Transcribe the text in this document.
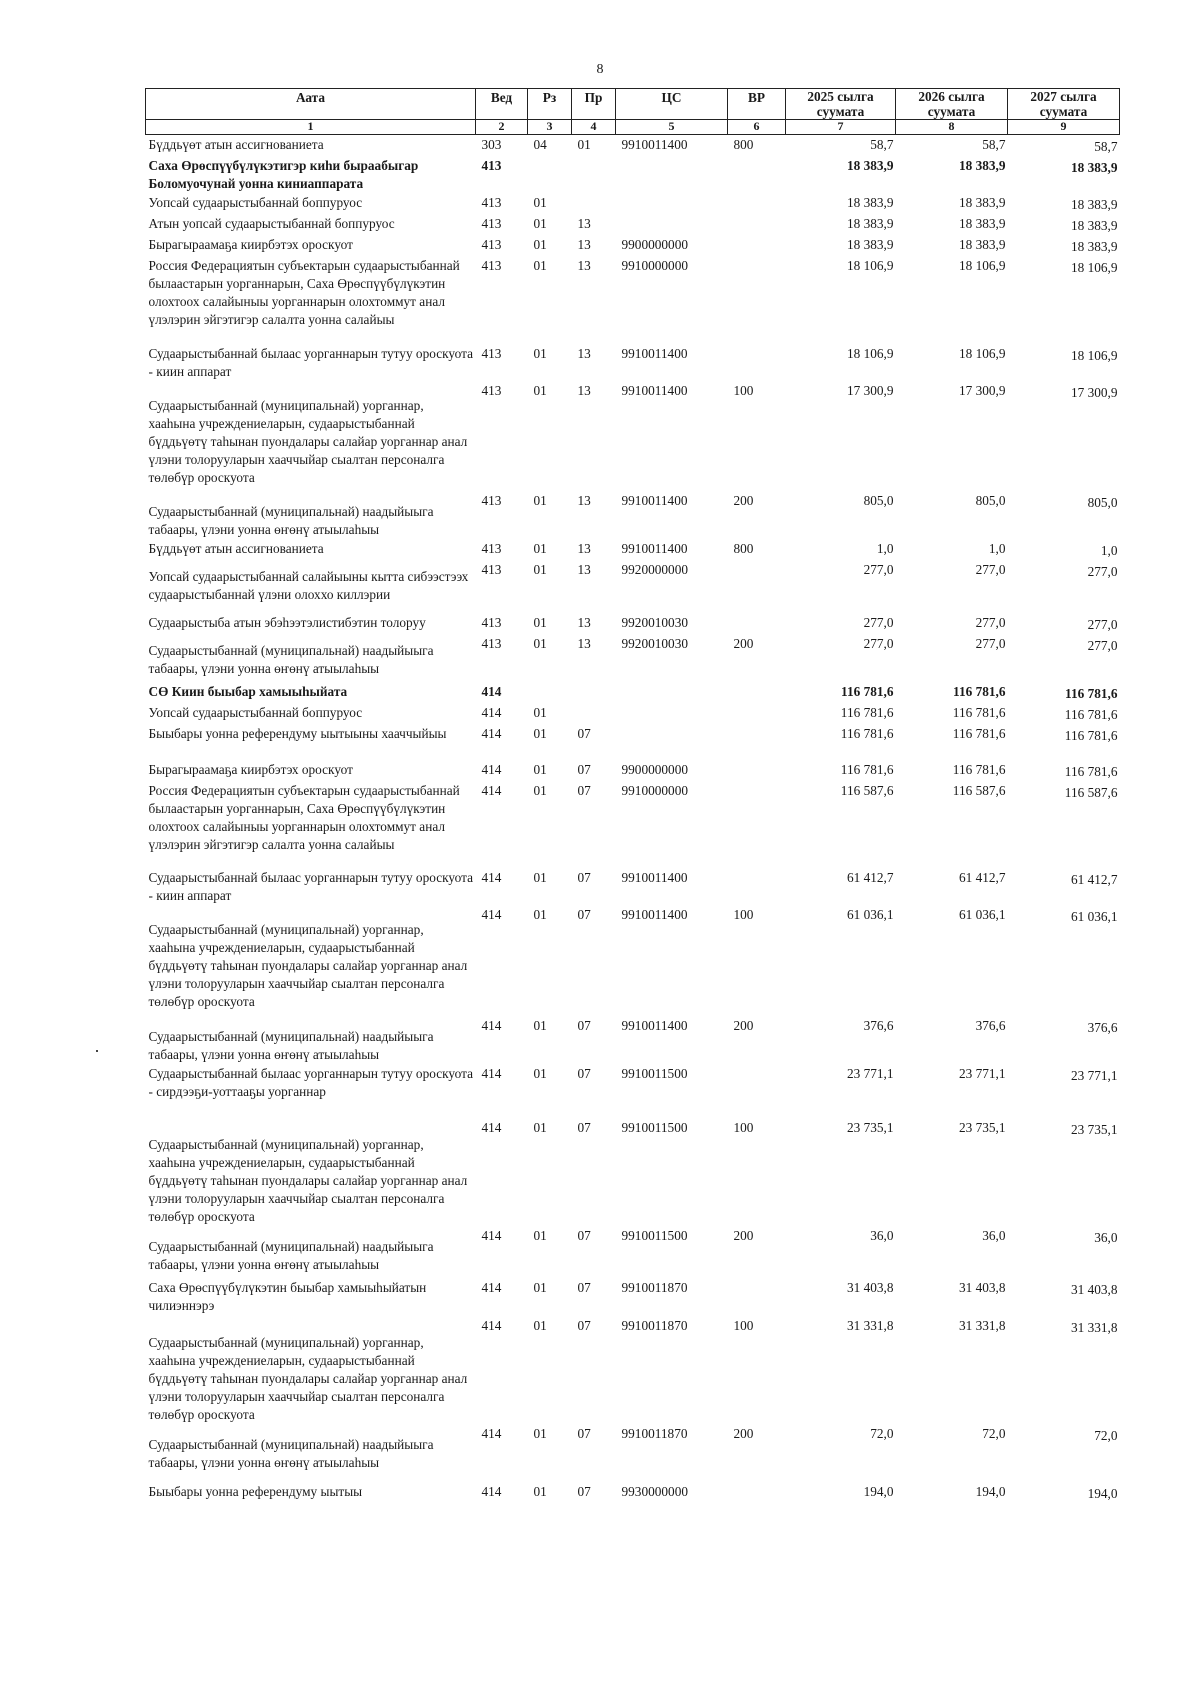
8
Аата	Вед	Рз	Пр	ЦС	ВР	2025 сылга суумата	2026 сылга суумата	2027 сылга суумата
1	2	3	4	5	6	7	8	9
Бүддьүөт атын ассигнованиета	303	04	01	9910011400	800	58,7	58,7	58,7
Саха Өрөспүүбүлүкэтигэр киһи быраабыгар Боломуочунай уонна киниаппарата	413					18 383,9	18 383,9	18 383,9
Уопсай судаарыстыбаннай боппуруос	413	01				18 383,9	18 383,9	18 383,9
Атын уопсай судаарыстыбаннай боппуруос	413	01	13			18 383,9	18 383,9	18 383,9
Бырагыраамаҕа киирбэтэх ороскуот	413	01	13	9900000000		18 383,9	18 383,9	18 383,9
Россия Федерациятын субъектарын судаарыстыбаннай былаастарын уорганнарын, Саха Өрөспүүбүлүкэтин олохтоох салайыныы уорганнарын олохтоммут анал үлэлэрин эйгэтигэр салалта уонна салайыы	413	01	13	9910000000		18 106,9	18 106,9	18 106,9
Судаарыстыбаннай былаас уорганнарын тутуу ороскуота - киин аппарат	413	01	13	9910011400		18 106,9	18 106,9	18 106,9
Судаарыстыбаннай (муниципальнай) уорганнар, хааһына учреждениеларын, судаарыстыбаннай бүддьүөтү таһынан пуондалары салайар уорганнар анал үлэни толорууларын хааччыйар сыалтан персоналга төлөбүр ороскуота	413	01	13	9910011400	100	17 300,9	17 300,9	17 300,9
Судаарыстыбаннай (муниципальнай) наадыйыыга табаары, үлэни уонна өҥөнү атыылаһыы	413	01	13	9910011400	200	805,0	805,0	805,0
Бүддьүөт атын ассигнованиета	413	01	13	9910011400	800	1,0	1,0	1,0
Уопсай судаарыстыбаннай салайыыны кытта сибээстээх судаарыстыбаннай үлэни олоххо киллэрии	413	01	13	9920000000		277,0	277,0	277,0
Судаарыстыба атын эбэһээтэлистибэтин толоруу	413	01	13	9920010030		277,0	277,0	277,0
Судаарыстыбаннай (муниципальнай) наадыйыыга табаары, үлэни уонна өҥөнү атыылаһыы	413	01	13	9920010030	200	277,0	277,0	277,0
СӨ Киин быыбар хамыыһыйата	414					116 781,6	116 781,6	116 781,6
Уопсай судаарыстыбаннай боппуруос	414	01				116 781,6	116 781,6	116 781,6
Быыбары уонна референдуму ыытыыны хааччыйыы	414	01	07			116 781,6	116 781,6	116 781,6
Бырагыраамаҕа киирбэтэх ороскуот	414	01	07	9900000000		116 781,6	116 781,6	116 781,6
Россия Федерациятын субъектарын судаарыстыбаннай былаастарын уорганнарын, Саха Өрөспүүбүлүкэтин олохтоох салайыныы уорганнарын олохтоммут анал үлэлэрин эйгэтигэр салалта уонна салайыы	414	01	07	9910000000		116 587,6	116 587,6	116 587,6
Судаарыстыбаннай былаас уорганнарын тутуу ороскуота - киин аппарат	414	01	07	9910011400		61 412,7	61 412,7	61 412,7
Судаарыстыбаннай (муниципальнай) уорганнар, хааһына учреждениеларын, судаарыстыбаннай бүддьүөтү таһынан пуондалары салайар уорганнар анал үлэни толорууларын хааччыйар сыалтан персоналга төлөбүр ороскуота	414	01	07	9910011400	100	61 036,1	61 036,1	61 036,1
Судаарыстыбаннай (муниципальнай) наадыйыыга табаары, үлэни уонна өҥөнү атыылаһыы	414	01	07	9910011400	200	376,6	376,6	376,6
Судаарыстыбаннай былаас уорганнарын тутуу ороскуота - сирдээҕи-уоттааҕы уорганнар	414	01	07	9910011500		23 771,1	23 771,1	23 771,1
Судаарыстыбаннай (муниципальнай) уорганнар, хааһына учреждениеларын, судаарыстыбаннай бүддьүөтү таһынан пуондалары салайар уорганнар анал үлэни толорууларын хааччыйар сыалтан персоналга төлөбүр ороскуота	414	01	07	9910011500	100	23 735,1	23 735,1	23 735,1
Судаарыстыбаннай (муниципальнай) наадыйыыга табаары, үлэни уонна өҥөнү атыылаһыы	414	01	07	9910011500	200	36,0	36,0	36,0
Саха Өрөспүүбүлүкэтин быыбар хамыыһыйатын чилиэннэрэ	414	01	07	9910011870		31 403,8	31 403,8	31 403,8
Судаарыстыбаннай (муниципальнай) уорганнар, хааһына учреждениеларын, судаарыстыбаннай бүддьүөтү таһынан пуондалары салайар уорганнар анал үлэни толорууларын хааччыйар сыалтан персоналга төлөбүр ороскуота	414	01	07	9910011870	100	31 331,8	31 331,8	31 331,8
Судаарыстыбаннай (муниципальнай) наадыйыыга табаары, үлэни уонна өҥөнү атыылаһыы	414	01	07	9910011870	200	72,0	72,0	72,0
Быыбары уонна референдуму ыытыы	414	01	07	9930000000		194,0	194,0	194,0
